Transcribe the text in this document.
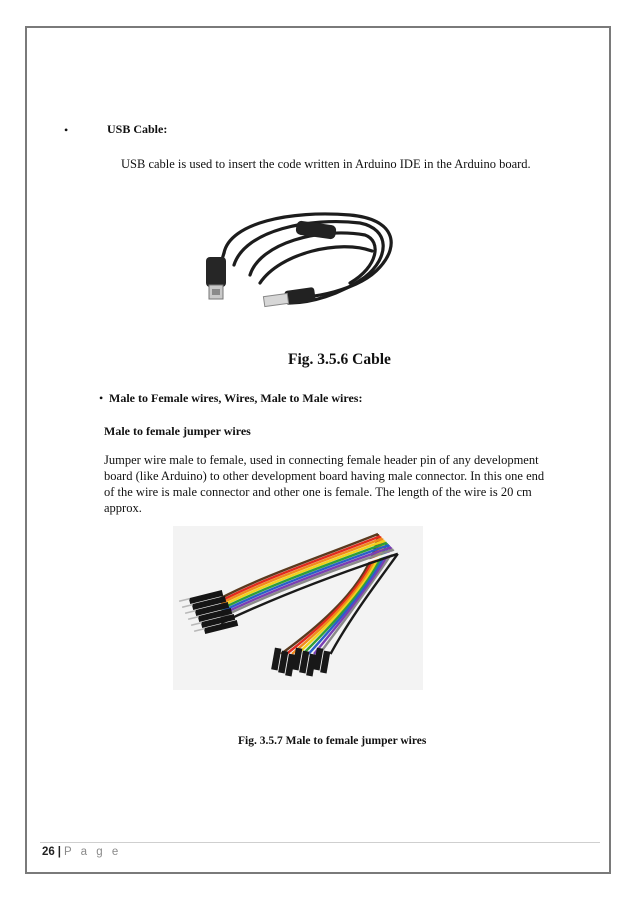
•	USB Cable:
USB cable is used to insert the code written in Arduino IDE in the Arduino board.
Fig. 3.5.6 Cable
• Male to Female wires, Wires, Male to Male wires:
Male to female jumper wires
Jumper wire male to female, used in connecting female header pin of any development
board (like Arduino) to other development board having male connector. In this one end
of the wire is male connector and other one is female. The length of the wire is 20 cm
approx.
Fig. 3.5.7 Male to female jumper wires
26 | P a g e
